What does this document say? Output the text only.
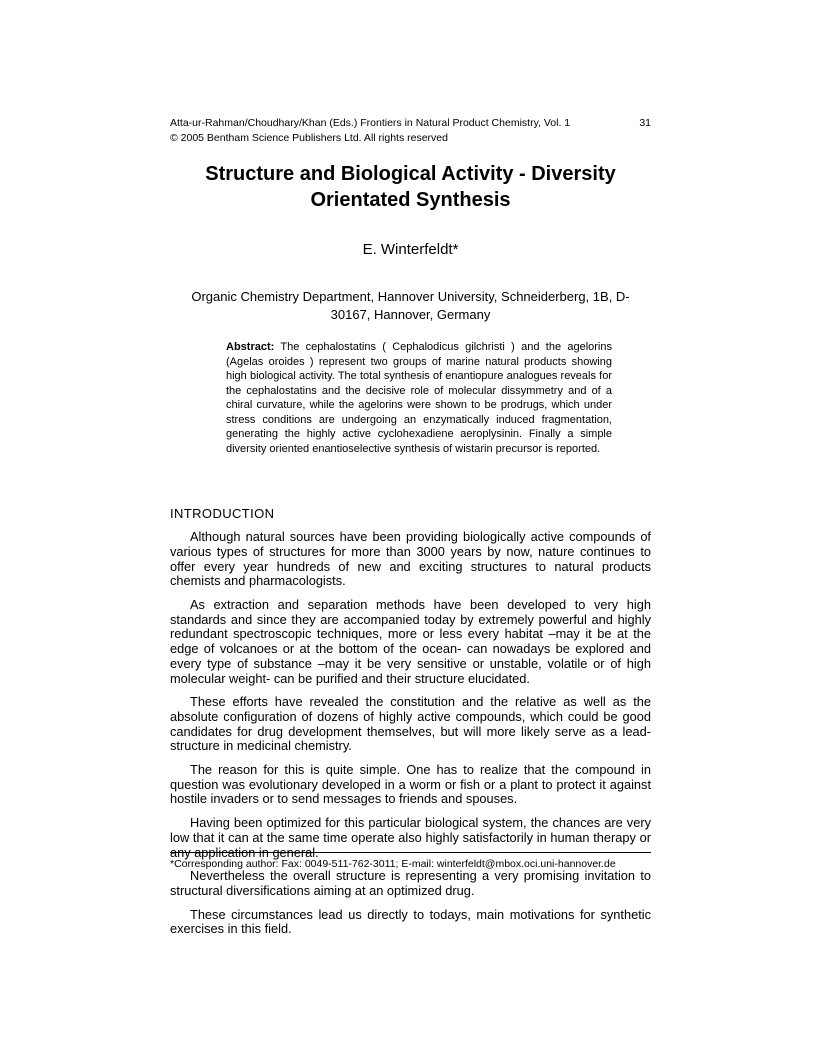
Atta-ur-Rahman/Choudhary/Khan (Eds.) Frontiers in Natural Product Chemistry, Vol. 1	31
© 2005 Bentham Science Publishers Ltd. All rights reserved
Structure and Biological Activity - Diversity Orientated Synthesis
E. Winterfeldt*
Organic Chemistry Department, Hannover University, Schneiderberg, 1B, D-30167, Hannover, Germany

Abstract: The cephalostatins ( Cephalodicus gilchristi ) and the agelorins (Agelas oroides ) represent two groups of marine natural products showing high biological activity. The total synthesis of enantiopure analogues reveals for the cephalostatins and the decisive role of molecular dissymmetry and of a chiral curvature, while the agelorins were shown to be prodrugs, which under stress conditions are undergoing an enzymatically induced fragmentation, generating the highly active cyclohexadiene aeroplysinin. Finally a simple diversity oriented enantioselective synthesis of wistarin precursor is reported.

INTRODUCTION

Although natural sources have been providing biologically active compounds of various types of structures for more than 3000 years by now, nature continues to offer every year hundreds of new and exciting structures to natural products chemists and pharmacologists.

As extraction and separation methods have been developed to very high standards and since they are accompanied today by extremely powerful and highly redundant spectroscopic techniques, more or less every habitat –may it be at the edge of volcanoes or at the bottom of the ocean- can nowadays be explored and every type of substance –may it be very sensitive or unstable, volatile or of high molecular weight- can be purified and their structure elucidated.

These efforts have revealed the constitution and the relative as well as the absolute configuration of dozens of highly active compounds, which could be good candidates for drug development themselves, but will more likely serve as a lead-structure in medicinal chemistry.

The reason for this is quite simple. One has to realize that the compound in question was evolutionary developed in a worm or fish or a plant to protect it against hostile invaders or to send messages to friends and spouses.

Having been optimized for this particular biological system, the chances are very low that it can at the same time operate also highly satisfactorily in human therapy or any application in general.

Nevertheless the overall structure is representing a very promising invitation to structural diversifications aiming at an optimized drug.

These circumstances lead us directly to todays, main motivations for synthetic exercises in this field.

*Corresponding author: Fax: 0049-511-762-3011; E-mail: winterfeldt@mbox.oci.uni-hannover.de
